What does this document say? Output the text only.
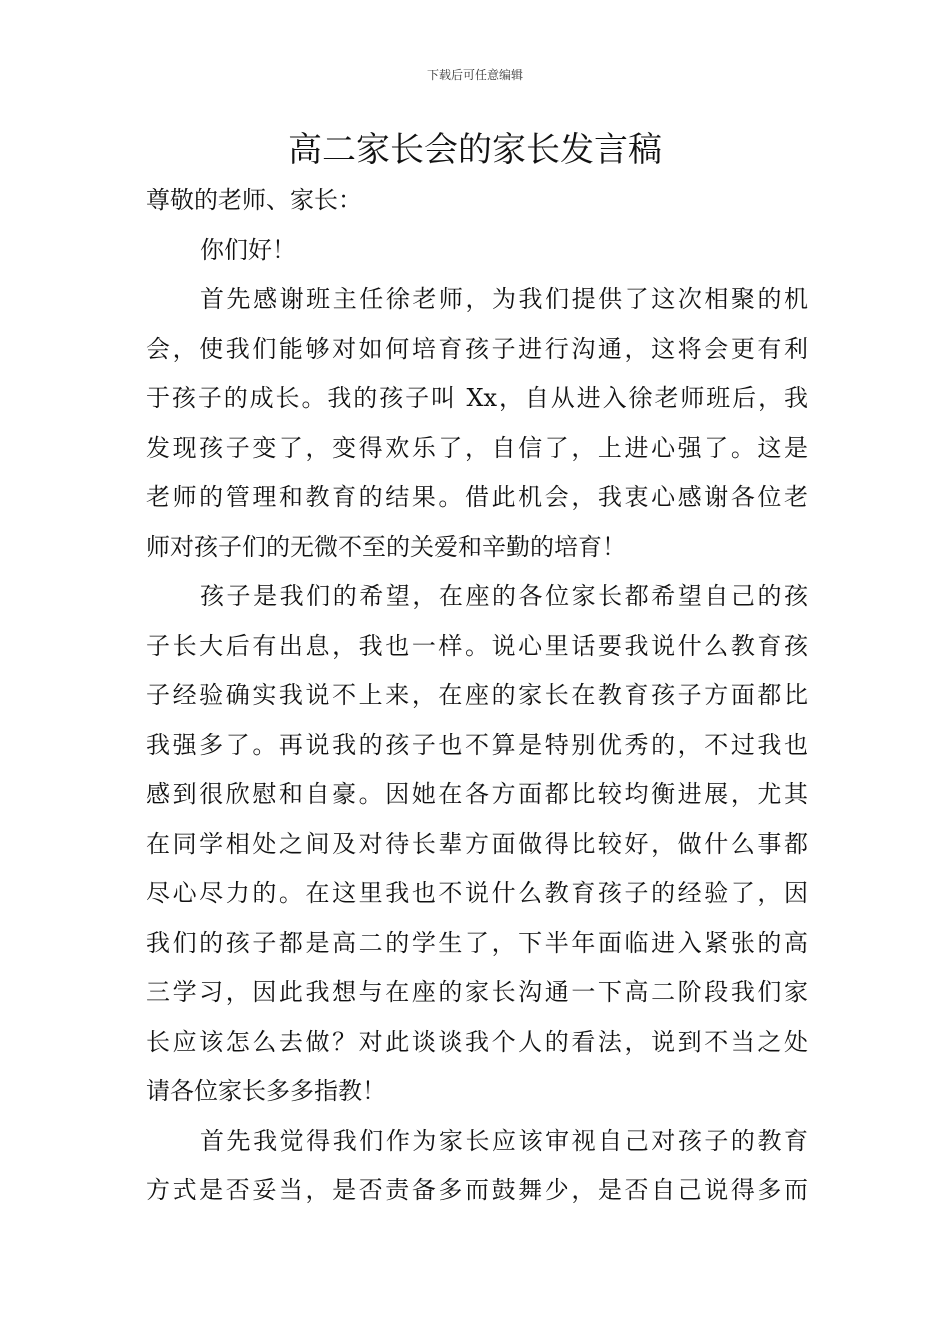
下载后可任意编辑
高二家长会的家长发言稿
尊敬的老师、家长：
你们好！
首先感谢班主任徐老师，为我们提供了这次相聚的机
会，使我们能够对如何培育孩子进行沟通，这将会更有利
于孩子的成长。我的孩子叫 Xx，自从进入徐老师班后，我
发现孩子变了，变得欢乐了，自信了，上进心强了。这是
老师的管理和教育的结果。借此机会，我衷心感谢各位老
师对孩子们的无微不至的关爱和辛勤的培育！
孩子是我们的希望，在座的各位家长都希望自己的孩
子长大后有出息，我也一样。说心里话要我说什么教育孩
子经验确实我说不上来，在座的家长在教育孩子方面都比
我强多了。再说我的孩子也不算是特别优秀的，不过我也
感到很欣慰和自豪。因她在各方面都比较均衡进展，尤其
在同学相处之间及对待长辈方面做得比较好，做什么事都
尽心尽力的。在这里我也不说什么教育孩子的经验了，因
我们的孩子都是高二的学生了，下半年面临进入紧张的高
三学习，因此我想与在座的家长沟通一下高二阶段我们家
长应该怎么去做？对此谈谈我个人的看法，说到不当之处
请各位家长多多指教！
首先我觉得我们作为家长应该审视自己对孩子的教育
方式是否妥当，是否责备多而鼓舞少，是否自己说得多而
